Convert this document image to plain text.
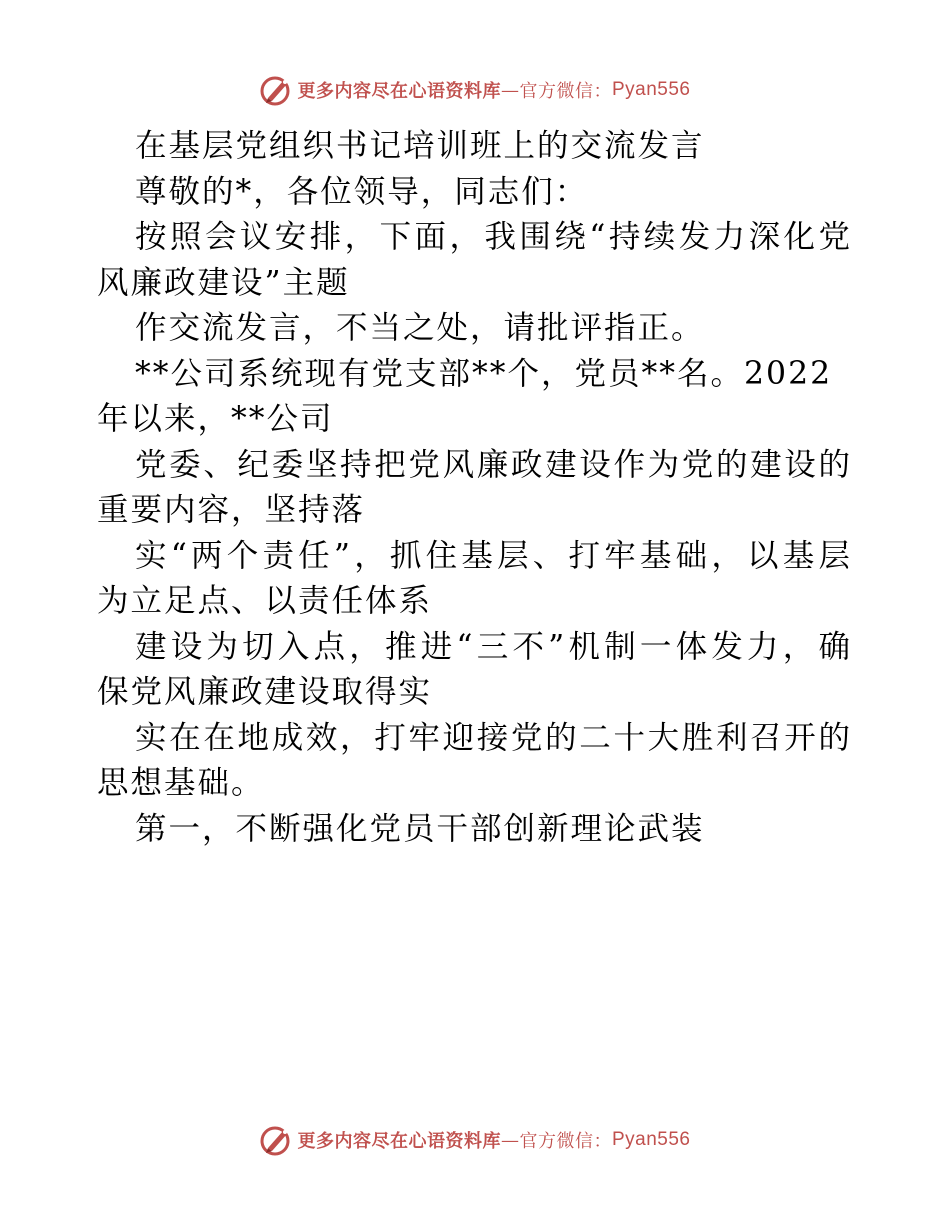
更多内容尽在心语资料库 — 官方微信： Pyan556
在基层党组织书记培训班上的交流发言
尊敬的*，各位领导，同志们：
按照会议安排，下面，我围绕“持续发力深化党
风廉政建设”主题
作交流发言，不当之处，请批评指正。
**公司系统现有党支部**个，党员**名。2022
年以来，**公司
党委、纪委坚持把党风廉政建设作为党的建设的
重要内容，坚持落
实“两个责任”，抓住基层、打牢基础，以基层
为立足点、以责任体系
建设为切入点，推进“三不”机制一体发力，确
保党风廉政建设取得实
实在在地成效，打牢迎接党的二十大胜利召开的
思想基础。
第一，不断强化党员干部创新理论武装
更多内容尽在心语资料库 — 官方微信： Pyan556
